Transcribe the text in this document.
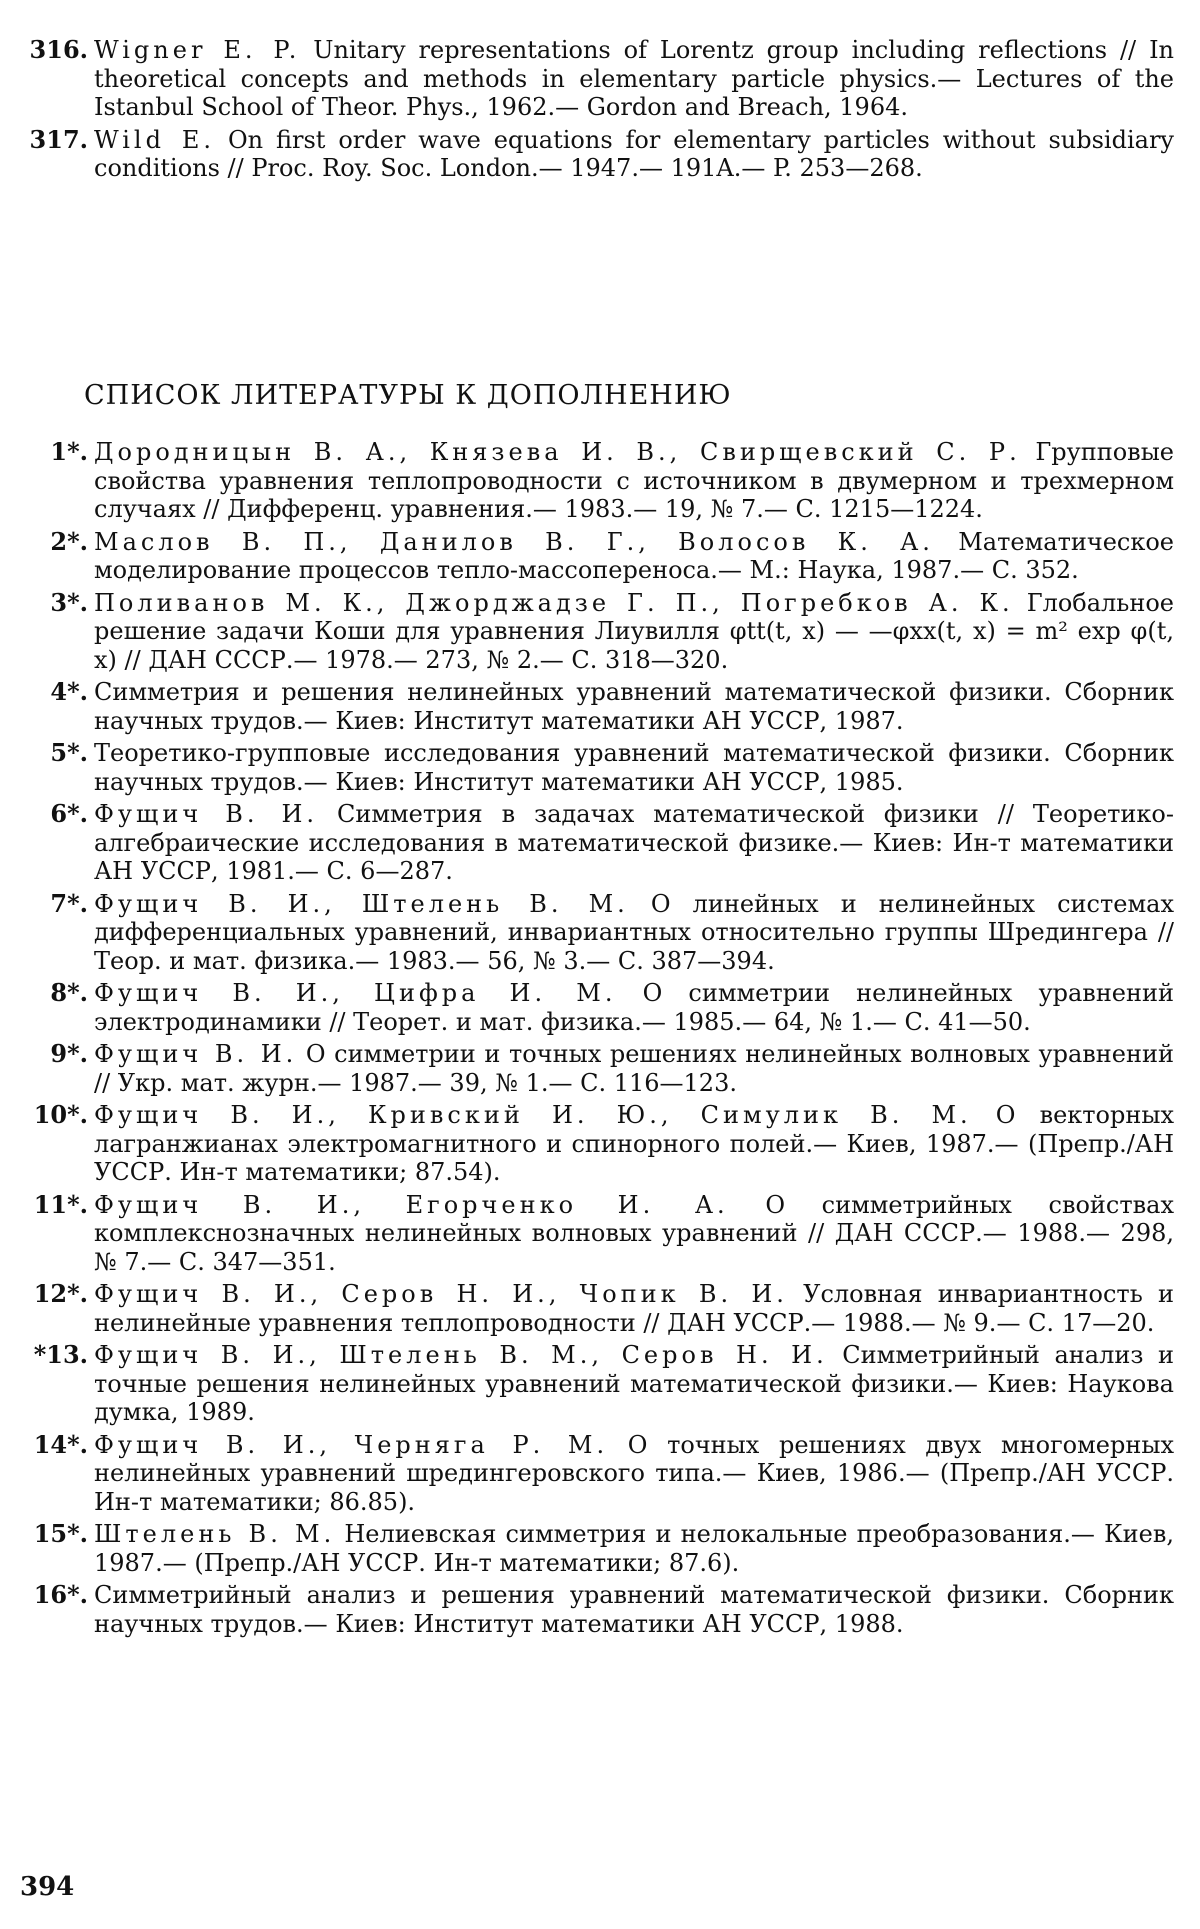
316. Wigner E. P. Unitary representations of Lorentz group including reflections // In theoretical concepts and methods in elementary particle physics.— Lectures of the Istanbul School of Theor. Phys., 1962.— Gordon and Breach, 1964.
317. Wild E. On first order wave equations for elementary particles without subsidiary conditions // Proc. Roy. Soc. London.— 1947.— 191A.— P. 253—268.
СПИСОК ЛИТЕРАТУРЫ К ДОПОЛНЕНИЮ
1*. Дородницын В. А., Князева И. В., Свирщевский С. Р. Групповые свойства уравнения теплопроводности с источником в двумерном и трехмерном случаях // Дифференц. уравнения.— 1983.— 19, № 7.— С. 1215—1224.
2*. Маслов В. П., Данилов В. Г., Волосов К. А. Математическое моделирование процессов тепло-массопереноса.— М.: Наука, 1987.— С. 352.
3*. Поливанов М. К., Джорджадзе Г. П., Погребков А. К. Глобальное решение задачи Коши для уравнения Лиувилля φtt(t, x) — —φxx(t, x) = m² exp φ(t, x) // ДАН СССР.— 1978.— 273, № 2.— С. 318—320.
4*. Симметрия и решения нелинейных уравнений математической физики. Сборник научных трудов.— Киев: Институт математики АН УССР, 1987.
5*. Теоретико-групповые исследования уравнений математической физики. Сборник научных трудов.— Киев: Институт математики АН УССР, 1985.
6*. Фущич В. И. Симметрия в задачах математической физики // Теоретико-алгебраические исследования в математической физике.— Киев: Ин-т математики АН УССР, 1981.— С. 6—287.
7*. Фущич В. И., Штелень В. М. О линейных и нелинейных системах дифференциальных уравнений, инвариантных относительно группы Шредингера // Теор. и мат. физика.— 1983.— 56, № 3.— С. 387—394.
8*. Фущич В. И., Цифра И. М. О симметрии нелинейных уравнений электродинамики // Теорет. и мат. физика.— 1985.— 64, № 1.— С. 41—50.
9*. Фущич В. И. О симметрии и точных решениях нелинейных волновых уравнений // Укр. мат. журн.— 1987.— 39, № 1.— С. 116—123.
10*. Фущич В. И., Кривский И. Ю., Симулик В. М. О векторных лагранжианах электромагнитного и спинорного полей.— Киев, 1987.— (Препр./АН УССР. Ин-т математики; 87.54).
11*. Фущич В. И., Егорченко И. А. О симметрийных свойствах комплекснозначных нелинейных волновых уравнений // ДАН СССР.— 1988.— 298, № 7.— С. 347—351.
12*. Фущич В. И., Серов Н. И., Чопик В. И. Условная инвариантность и нелинейные уравнения теплопроводности // ДАН УССР.— 1988.— № 9.— С. 17—20.
*13. Фущич В. И., Штелень В. М., Серов Н. И. Симметрийный анализ и точные решения нелинейных уравнений математической физики.— Киев: Наукова думка, 1989.
14*. Фущич В. И., Черняга Р. М. О точных решениях двух многомерных нелинейных уравнений шредингеровского типа.— Киев, 1986.— (Препр./АН УССР. Ин-т математики; 86.85).
15*. Штелень В. М. Нелиевская симметрия и нелокальные преобразования.— Киев, 1987.— (Препр./АН УССР. Ин-т математики; 87.6).
16*. Симметрийный анализ и решения уравнений математической физики. Сборник научных трудов.— Киев: Институт математики АН УССР, 1988.
394
